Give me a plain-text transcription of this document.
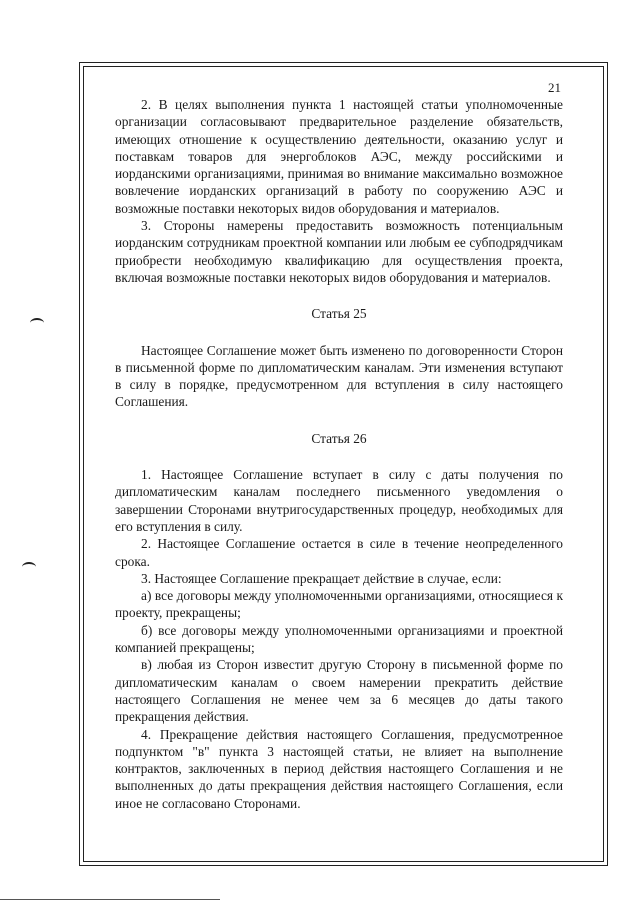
21

2. В целях выполнения пункта 1 настоящей статьи уполномоченные организации согласовывают предварительное разделение обязательств, имеющих отношение к осуществлению деятельности, оказанию услуг и поставкам товаров для энергоблоков АЭС, между российскими и иорданскими организациями, принимая во внимание максимально возможное вовлечение иорданских организаций в работу по сооружению АЭС и возможные поставки некоторых видов оборудования и материалов.

3. Стороны намерены предоставить возможность потенциальным иорданским сотрудникам проектной компании или любым ее субподрядчикам приобрести необходимую квалификацию для осуществления проекта, включая возможные поставки некоторых видов оборудования и материалов.

Статья 25

Настоящее Соглашение может быть изменено по договоренности Сторон в письменной форме по дипломатическим каналам. Эти изменения вступают в силу в порядке, предусмотренном для вступления в силу настоящего Соглашения.

Статья 26

1. Настоящее Соглашение вступает в силу с даты получения по дипломатическим каналам последнего письменного уведомления о завершении Сторонами внутригосударственных процедур, необходимых для его вступления в силу.

2. Настоящее Соглашение остается в силе в течение неопределенного срока.

3. Настоящее Соглашение прекращает действие в случае, если:

а) все договоры между уполномоченными организациями, относящиеся к проекту, прекращены;

б) все договоры между уполномоченными организациями и проектной компанией прекращены;

в) любая из Сторон известит другую Сторону в письменной форме по дипломатическим каналам о своем намерении прекратить действие настоящего Соглашения не менее чем за 6 месяцев до даты такого прекращения действия.

4. Прекращение действия настоящего Соглашения, предусмотренное подпунктом "в" пункта 3 настоящей статьи, не влияет на выполнение контрактов, заключенных в период действия настоящего Соглашения и не выполненных до даты прекращения действия настоящего Соглашения, если иное не согласовано Сторонами.
